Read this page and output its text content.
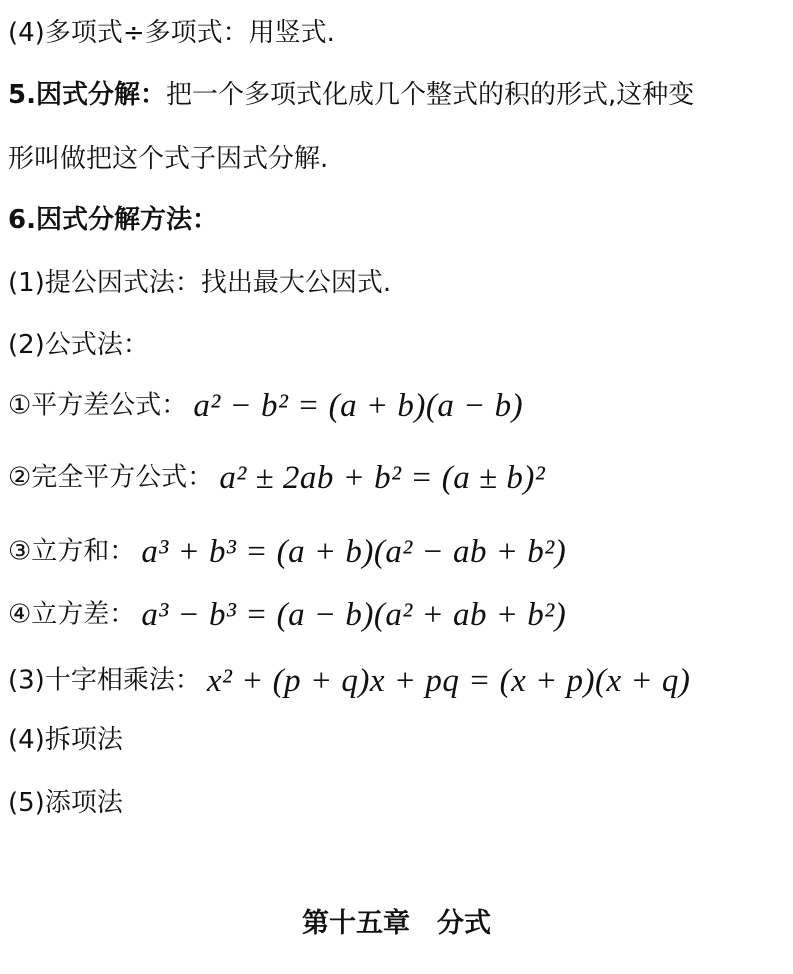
(4)多项式÷多项式：用竖式.
5.因式分解：把一个多项式化成几个整式的积的形式,这种变
形叫做把这个式子因式分解.
6.因式分解方法：
(1)提公因式法：找出最大公因式.
(2)公式法：
①平方差公式： a² − b² = (a + b)(a − b)
②完全平方公式： a² ± 2ab + b² = (a ± b)²
③立方和： a³ + b³ = (a + b)(a² − ab + b²)
④立方差： a³ − b³ = (a − b)(a² + ab + b²)
(3)十字相乘法： x² + (p + q)x + pq = (x + p)(x + q)
(4)拆项法
(5)添项法
第十五章　分式
